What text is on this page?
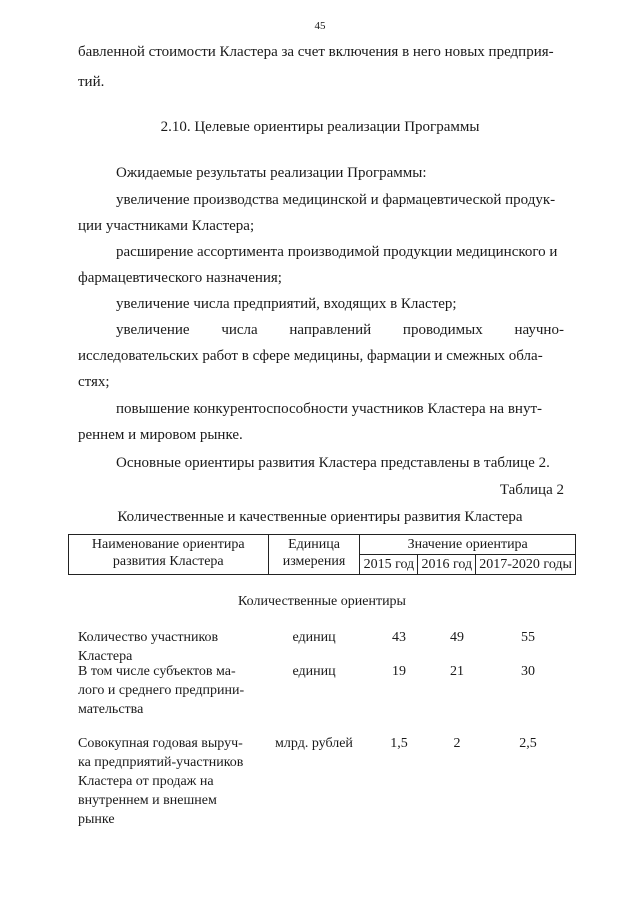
45
бавленной стоимости Кластера за счет включения в него новых предприя-
тий.
2.10. Целевые ориентиры реализации Программы
Ожидаемые результаты реализации Программы:
увеличение производства медицинской и фармацевтической продук-
ции участниками Кластера;
расширение ассортимента производимой продукции медицинского и
фармацевтического назначения;
увеличение числа предприятий, входящих в Кластер;
увеличение числа направлений проводимых научно-
исследовательских работ в сфере медицины, фармации и смежных обла-
стях;
повышение конкурентоспособности участников Кластера на внут-
реннем и мировом рынке.
Основные ориентиры развития Кластера представлены в таблице 2.
Таблица 2
Количественные и качественные ориентиры развития Кластера
Наименование ориентира развития Кластера	Единица измерения	Значение ориентира		
		2015 год	2016 год	2017-2020 годы
Количественные ориентиры
Количество участников
Кластера
единиц	43	49	55
В том числе субъектов ма-
лого и среднего предприни-
мательства
единиц	19	21	30
Совокупная годовая выруч-
ка предприятий-участников
Кластера от продаж на
внутреннем и внешнем
рынке
млрд. рублей	1,5	2	2,5
